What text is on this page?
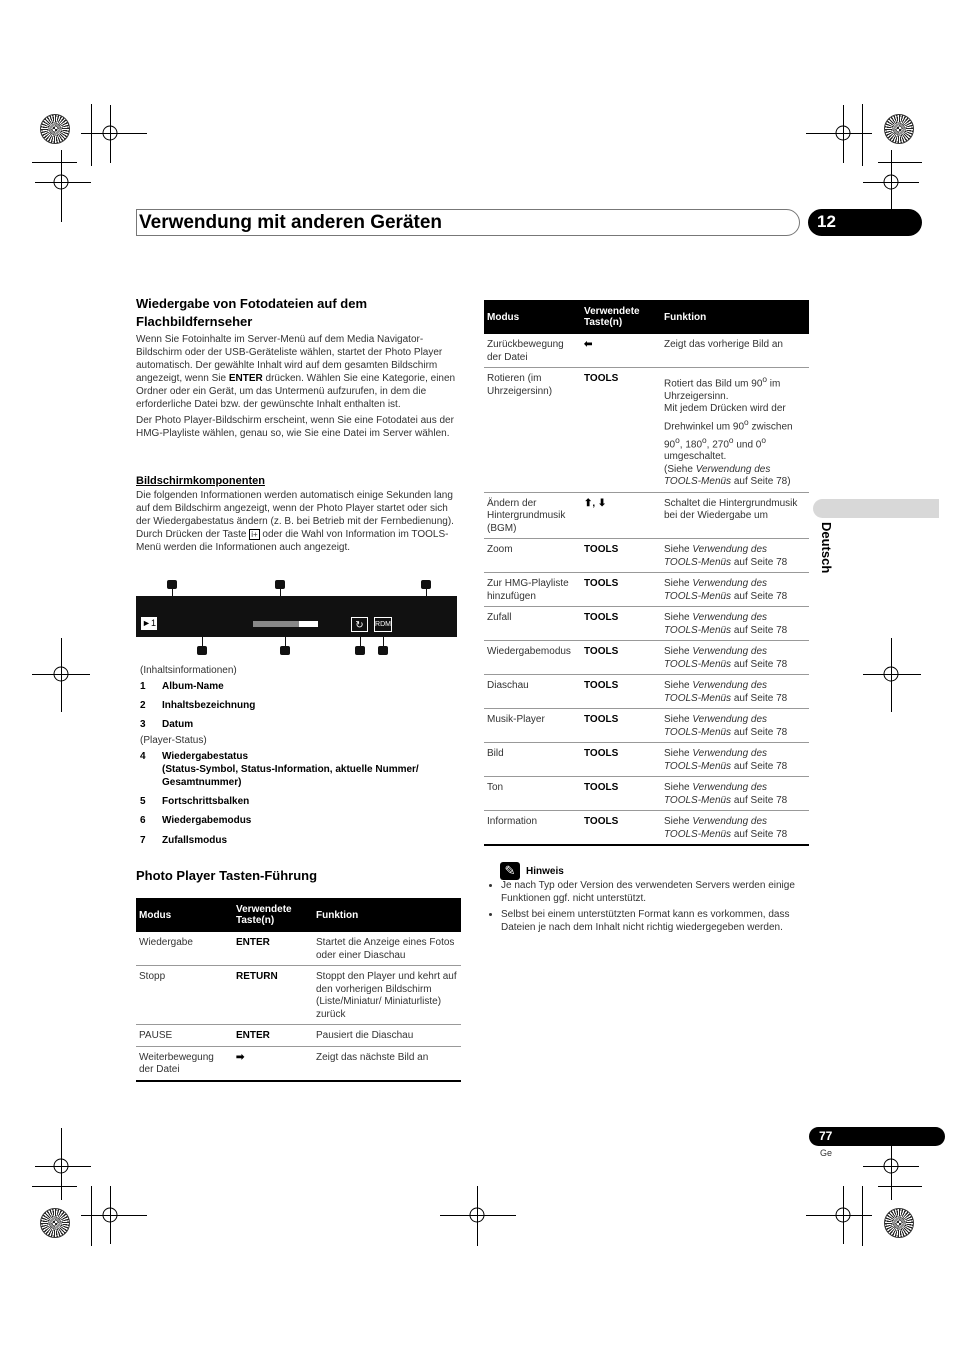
Verwendung mit anderen Geräten	12
Deutsch
Wiedergabe von Fotodateien auf dem Flachbildfernseher

Wenn Sie Fotoinhalte im Server-Menü auf dem Media Navigator-Bildschirm oder der USB-Geräteliste wählen, startet der Photo Player automatisch. Der gewählte Inhalt wird auf dem gesamten Bildschirm angezeigt, wenn Sie ENTER drücken. Wählen Sie eine Kategorie, einen Ordner oder ein Gerät, um das Untermenü aufzurufen, in dem die erforderliche Datei bzw. der gewünschte Inhalt enthalten ist.

Der Photo Player-Bildschirm erscheint, wenn Sie eine Fotodatei aus der HMG-Playliste wählen, genau so, wie Sie eine Datei im Server wählen.

Bildschirmkomponenten

Die folgenden Informationen werden automatisch einige Sekunden lang auf dem Bildschirm angezeigt, wenn der Photo Player startet oder sich der Wiedergabestatus ändern (z. B. bei Betrieb mit der Fernbedienung). Durch Drücken der Taste i+ oder die Wahl von Information im TOOLS-Menü werden die Informationen auch angezeigt.

►1	↻	RDM
(Inhaltsinformationen)
1 Album-Name
2 Inhaltsbezeichnung
3 Datum
(Player-Status)
4 Wiedergabestatus
(Status-Symbol, Status-Information, aktuelle Nummer/
Gesamtnummer)
5 Fortschrittsbalken
6 Wiedergabemodus
7 Zufallsmodus
Photo Player Tasten-Führung
Modus	Verwendete
Taste(n)	Funktion
Wiedergabe	ENTER	Startet die Anzeige eines Fotos oder einer Diaschau
Stopp	RETURN	Stoppt den Player und kehrt auf den vorherigen Bildschirm (Liste/Miniatur/ Miniaturliste) zurück
PAUSE	ENTER	Pausiert die Diaschau
Weiterbewegung der Datei	➡	Zeigt das nächste Bild an
Modus	Verwendete
Taste(n)	Funktion
Zurückbewegung der Datei	⬅	Zeigt das vorherige Bild an
Rotieren (im Uhrzeigersinn)	TOOLS	Rotiert das Bild um 90$^o$ im Uhrzeigersinn.
Mit jedem Drücken wird der Drehwinkel um 90$^o$ zwischen 90$^o$, 180$^o$, 270$^o$ und 0$^o$ umgeschaltet.
(Siehe Verwendung des TOOLS-Menüs auf Seite 78)
Ändern der Hintergrundmusik (BGM)	⬆, ⬇	Schaltet die Hintergrundmusik bei der Wiedergabe um
Zoom	TOOLS	Siehe Verwendung des TOOLS-Menüs auf Seite 78
Zur HMG-Playliste hinzufügen	TOOLS	Siehe Verwendung des TOOLS-Menüs auf Seite 78
Zufall	TOOLS	Siehe Verwendung des TOOLS-Menüs auf Seite 78
Wiedergabemodus	TOOLS	Siehe Verwendung des TOOLS-Menüs auf Seite 78
Diaschau	TOOLS	Siehe Verwendung des TOOLS-Menüs auf Seite 78
Musik-Player	TOOLS	Siehe Verwendung des TOOLS-Menüs auf Seite 78
Bild	TOOLS	Siehe Verwendung des TOOLS-Menüs auf Seite 78
Ton	TOOLS	Siehe Verwendung des TOOLS-Menüs auf Seite 78
Information	TOOLS	Siehe Verwendung des TOOLS-Menüs auf Seite 78
✎	Hinweis
• Je nach Typ oder Version des verwendeten Servers werden einige Funktionen ggf. nicht unterstützt.
• Selbst bei einem unterstützten Format kann es vorkommen, dass Dateien je nach dem Inhalt nicht richtig wiedergegeben werden.
77
Ge
